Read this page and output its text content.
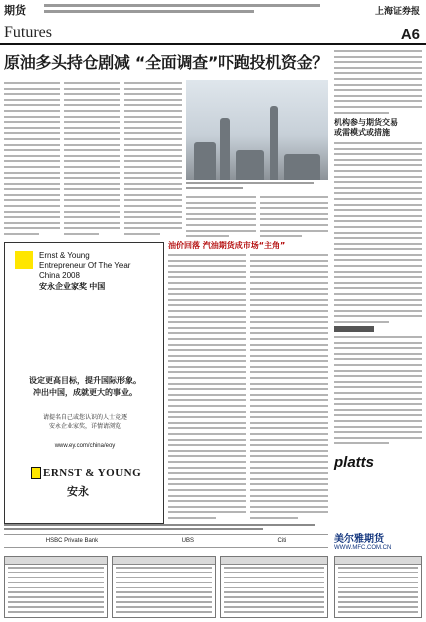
期货
Futures
上海证券报
A6
原油多头持仓剧减 “全面调查”吓跑投机资金？
机构参与期货交易
或需模式或措施
Ernst & Young
Entrepreneur Of The Year
China 2008
安永企业家奖 中国
设定更高目标，提升国际形象。
冲出中国，成就更大的事业。
请提名自己或您认识的人士竞逐
安永企业家奖，详情请浏览
www.ey.com/china/eoy
ERNST & YOUNG
安永
油价回落 汽油期货成市场“主角”
platts
HSBC Private Bank	UBS	Citi	美尔雅期货
WWW.MFC.COM.CN
